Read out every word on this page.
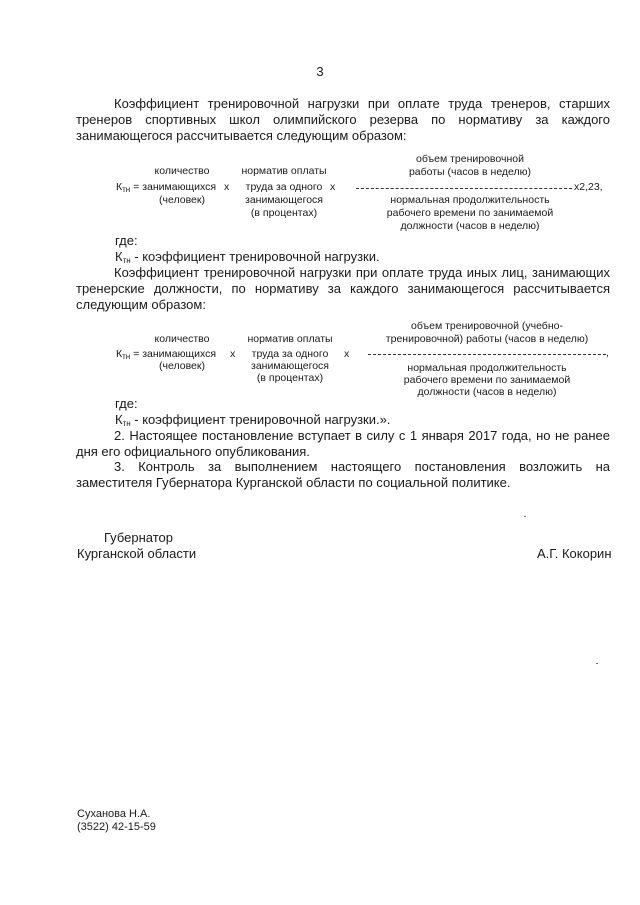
3
Коэффициент тренировочной нагрузки при оплате труда тренеров, старших тренеров спортивных школ олимпийского резерва по нормативу за каждого занимающегося рассчитывается следующим образом:
количество
$К_{тн}$ = занимающихся
(человек)
х
норматив оплаты
труда за одного
занимающегося
(в процентах)
х
объем тренировочной
работы (часов в неделю)
х2,23,
нормальная продолжительность
рабочего времени по занимаемой
должности (часов в неделю)
где:
$К_{тн}$ - коэффициент тренировочной нагрузки.
Коэффициент тренировочной нагрузки при оплате труда иных лиц, занимающих тренерские должности, по нормативу за каждого занимающегося рассчитывается следующим образом:
количество
$К_{тн}$ = занимающихся
(человек)
х
норматив оплаты
труда за одного
занимающегося
(в процентах)
х
объем тренировочной (учебно-
тренировочной) работы (часов в неделю)
,
нормальная продолжительность
рабочего времени по занимаемой
должности (часов в неделю)
где:
$К_{тн}$ - коэффициент тренировочной нагрузки.».
2. Настоящее постановление вступает в силу с 1 января 2017 года, но не ранее дня его официального опубликования.
3. Контроль за выполнением настоящего постановления возложить на заместителя Губернатора Курганской области по социальной политике.
Губернатор
Курганской области	А.Г. Кокорин
Суханова Н.А.
(3522) 42-15-59
